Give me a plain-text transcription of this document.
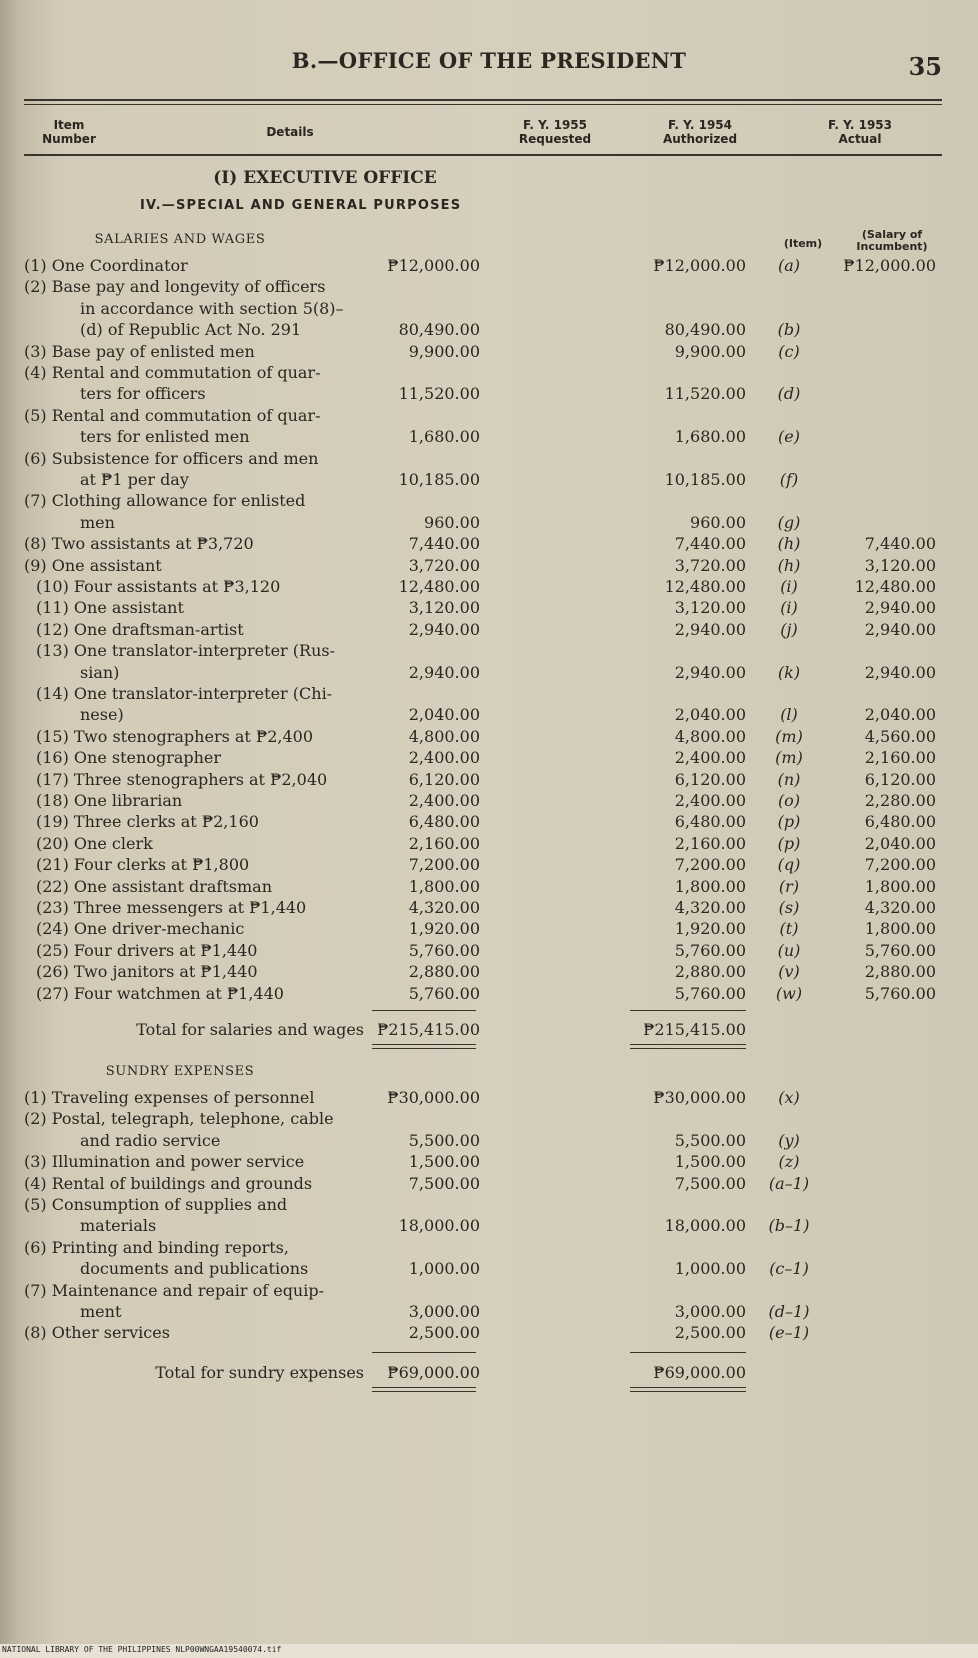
B.—OFFICE OF THE PRESIDENT	35
Item
Number	Details	F. Y. 1955
Requested
F. Y. 1954
Authorized
F. Y. 1953
Actual
(I) EXECUTIVE OFFICE
IV.—SPECIAL AND GENERAL PURPOSES
SALARIES AND WAGES	(Item)
(Salary of
Incumbent)
(1) One Coordinator	₱12,000.00	₱12,000.00	(a)	₱12,000.00
(2) Base pay and longevity of officers
in accordance with section 5(8)–
(d) of Republic Act No. 291	80,490.00	80,490.00	(b)
(3) Base pay of enlisted men	9,900.00	9,900.00	(c)
(4) Rental and commutation of quar-
ters for officers	11,520.00	11,520.00	(d)
(5) Rental and commutation of quar-
ters for enlisted men	1,680.00	1,680.00	(e)
(6) Subsistence for officers and men
at ₱1 per day	10,185.00	10,185.00	(f)
(7) Clothing allowance for enlisted
men	960.00	960.00	(g)
(8) Two assistants at ₱3,720	7,440.00	7,440.00	(h)	7,440.00
(9) One assistant	3,720.00	3,720.00	(h)	3,120.00
(10) Four assistants at ₱3,120	12,480.00	12,480.00	(i)	12,480.00
(11) One assistant	3,120.00	3,120.00	(i)	2,940.00
(12) One draftsman-artist	2,940.00	2,940.00	(j)	2,940.00
(13) One translator-interpreter (Rus-
sian)	2,940.00	2,940.00	(k)	2,940.00
(14) One translator-interpreter (Chi-
nese)	2,040.00	2,040.00	(l)	2,040.00
(15) Two stenographers at ₱2,400	4,800.00	4,800.00	(m)	4,560.00
(16) One stenographer	2,400.00	2,400.00	(m)	2,160.00
(17) Three stenographers at ₱2,040	6,120.00	6,120.00	(n)	6,120.00
(18) One librarian	2,400.00	2,400.00	(o)	2,280.00
(19) Three clerks at ₱2,160	6,480.00	6,480.00	(p)	6,480.00
(20) One clerk	2,160.00	2,160.00	(p)	2,040.00
(21) Four clerks at ₱1,800	7,200.00	7,200.00	(q)	7,200.00
(22) One assistant draftsman	1,800.00	1,800.00	(r)	1,800.00
(23) Three messengers at ₱1,440	4,320.00	4,320.00	(s)	4,320.00
(24) One driver-mechanic	1,920.00	1,920.00	(t)	1,800.00
(25) Four drivers at ₱1,440	5,760.00	5,760.00	(u)	5,760.00
(26) Two janitors at ₱1,440	2,880.00	2,880.00	(v)	2,880.00
(27) Four watchmen at ₱1,440	5,760.00	5,760.00	(w)	5,760.00
Total for salaries and wages ₱215,415.00	₱215,415.00
SUNDRY EXPENSES
(1) Traveling expenses of personnel	₱30,000.00	₱30,000.00	(x)
(2) Postal, telegraph, telephone, cable
and radio service	5,500.00	5,500.00	(y)
(3) Illumination and power service	1,500.00	1,500.00	(z)
(4) Rental of buildings and grounds	7,500.00	7,500.00	(a–1)
(5) Consumption of supplies and
materials	18,000.00	18,000.00	(b–1)
(6) Printing and binding reports,
documents and publications	1,000.00	1,000.00	(c–1)
(7) Maintenance and repair of equip-
ment	3,000.00	3,000.00	(d–1)
(8) Other services	2,500.00	2,500.00	(e–1)
Total for sundry expenses	₱69,000.00	₱69,000.00
NATIONAL LIBRARY OF THE PHILIPPINES NLP00WNGAA19540074.tif
